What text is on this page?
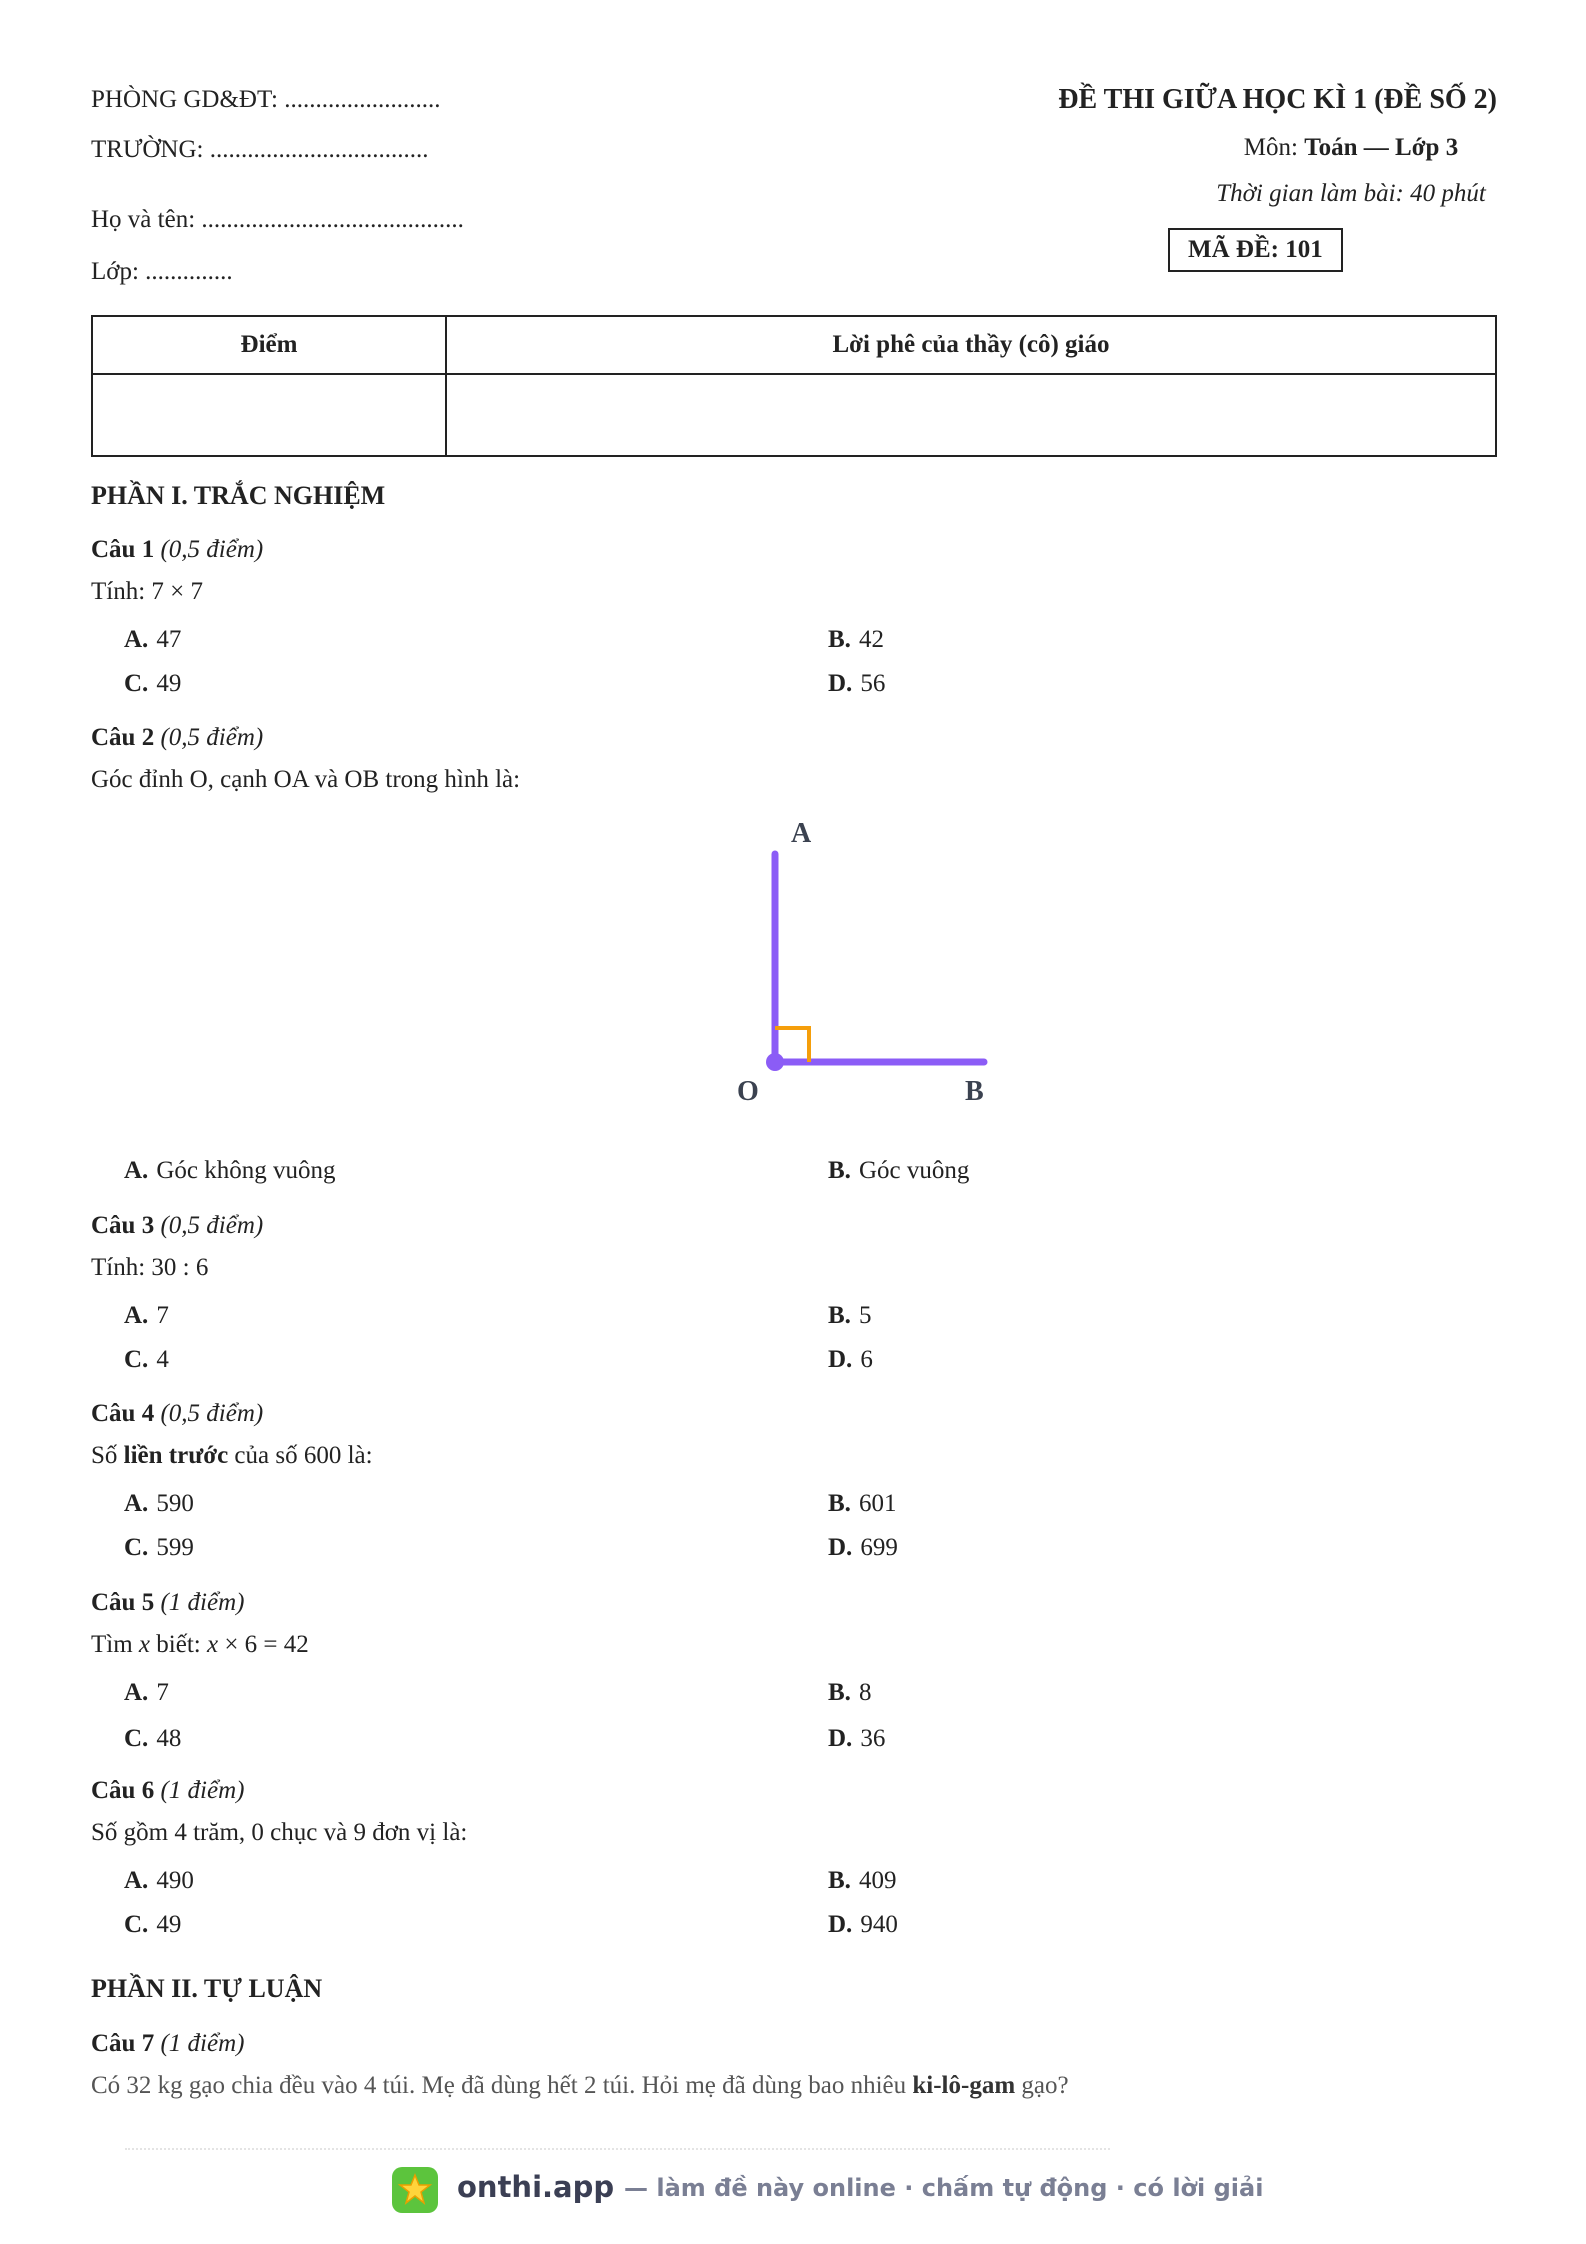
PHÒNG GD&ĐT: .........................
TRƯỜNG: ...................................
Họ và tên: ..........................................
Lớp: ..............
ĐỀ THI GIỮA HỌC KÌ 1 (ĐỀ SỐ 2)
Môn: Toán — Lớp 3
Thời gian làm bài: 40 phút
MÃ ĐỀ: 101
Điểm	Lời phê của thầy (cô) giáo

PHẦN I. TRẮC NGHIỆM
Câu 1 (0,5 điểm)
Tính: 7 × 7
A. 47	B. 42
C. 49	D. 56
Câu 2 (0,5 điểm)
Góc đỉnh O, cạnh OA và OB trong hình là:
A
O	B
A. Góc không vuông	B. Góc vuông
Câu 3 (0,5 điểm)
Tính: 30 : 6
A. 7	B. 5
C. 4	D. 6
Câu 4 (0,5 điểm)
Số liền trước của số 600 là:
A. 590	B. 601
C. 599	D. 699
Câu 5 (1 điểm)
Tìm x biết: x × 6 = 42
A. 7	B. 8
C. 48	D. 36
Câu 6 (1 điểm)
Số gồm 4 trăm, 0 chục và 9 đơn vị là:
A. 490	B. 409
C. 49	D. 940
PHẦN II. TỰ LUẬN
Câu 7 (1 điểm)
Có 32 kg gạo chia đều vào 4 túi. Mẹ đã dùng hết 2 túi. Hỏi mẹ đã dùng bao nhiêu ki-lô-gam gạo?
onthi.app — làm đề này online · chấm tự động · có lời giải
